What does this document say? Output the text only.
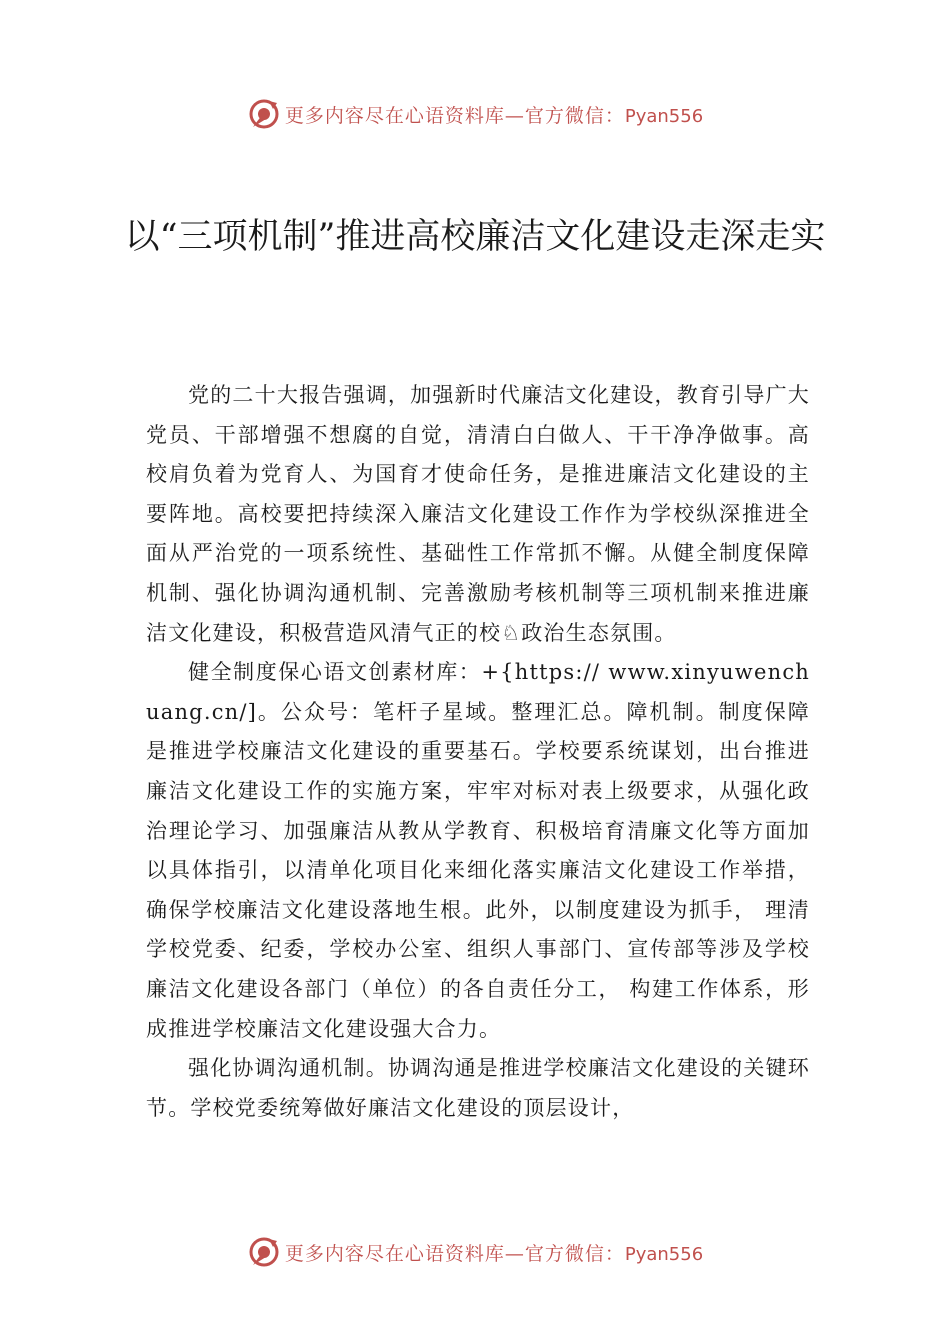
更多内容尽在心语资料库—官方微信：Pyan556
以“三项机制”推进高校廉洁文化建设走深走实

党的二十大报告强调，加强新时代廉洁文化建设，教育引导广大党员、干部增强不想腐的自觉，清清白白做人、干干净净做事。高校肩负着为党育人、为国育才使命任务，是推进廉洁文化建设的主要阵地。高校要把持续深入廉洁文化建设工作作为学校纵深推进全面从严治党的一项系统性、基础性工作常抓不懈。从健全制度保障机制、强化协调沟通机制、完善激励考核机制等三项机制来推进廉洁文化建设，积极营造风清气正的校♘政治生态氛围。

健全制度保心语文创素材库：+{https:// www.xinyuwenchuang.cn/]。公众号：笔杆子星域。整理汇总。障机制。制度保障是推进学校廉洁文化建设的重要基石。学校要系统谋划，出台推进廉洁文化建设工作的实施方案，牢牢对标对表上级要求，从强化政治理论学习、加强廉洁从教从学教育、积极培育清廉文化等方面加以具体指引，以清单化项目化来细化落实廉洁文化建设工作举措， 确保学校廉洁文化建设落地生根。此外，以制度建设为抓手， 理清学校党委、纪委，学校办公室、组织人事部门、宣传部等涉及学校廉洁文化建设各部门（单位）的各自责任分工， 构建工作体系，形成推进学校廉洁文化建设强大合力。

强化协调沟通机制。协调沟通是推进学校廉洁文化建设的关键环节。学校党委统筹做好廉洁文化建设的顶层设计，

更多内容尽在心语资料库—官方微信：Pyan556
